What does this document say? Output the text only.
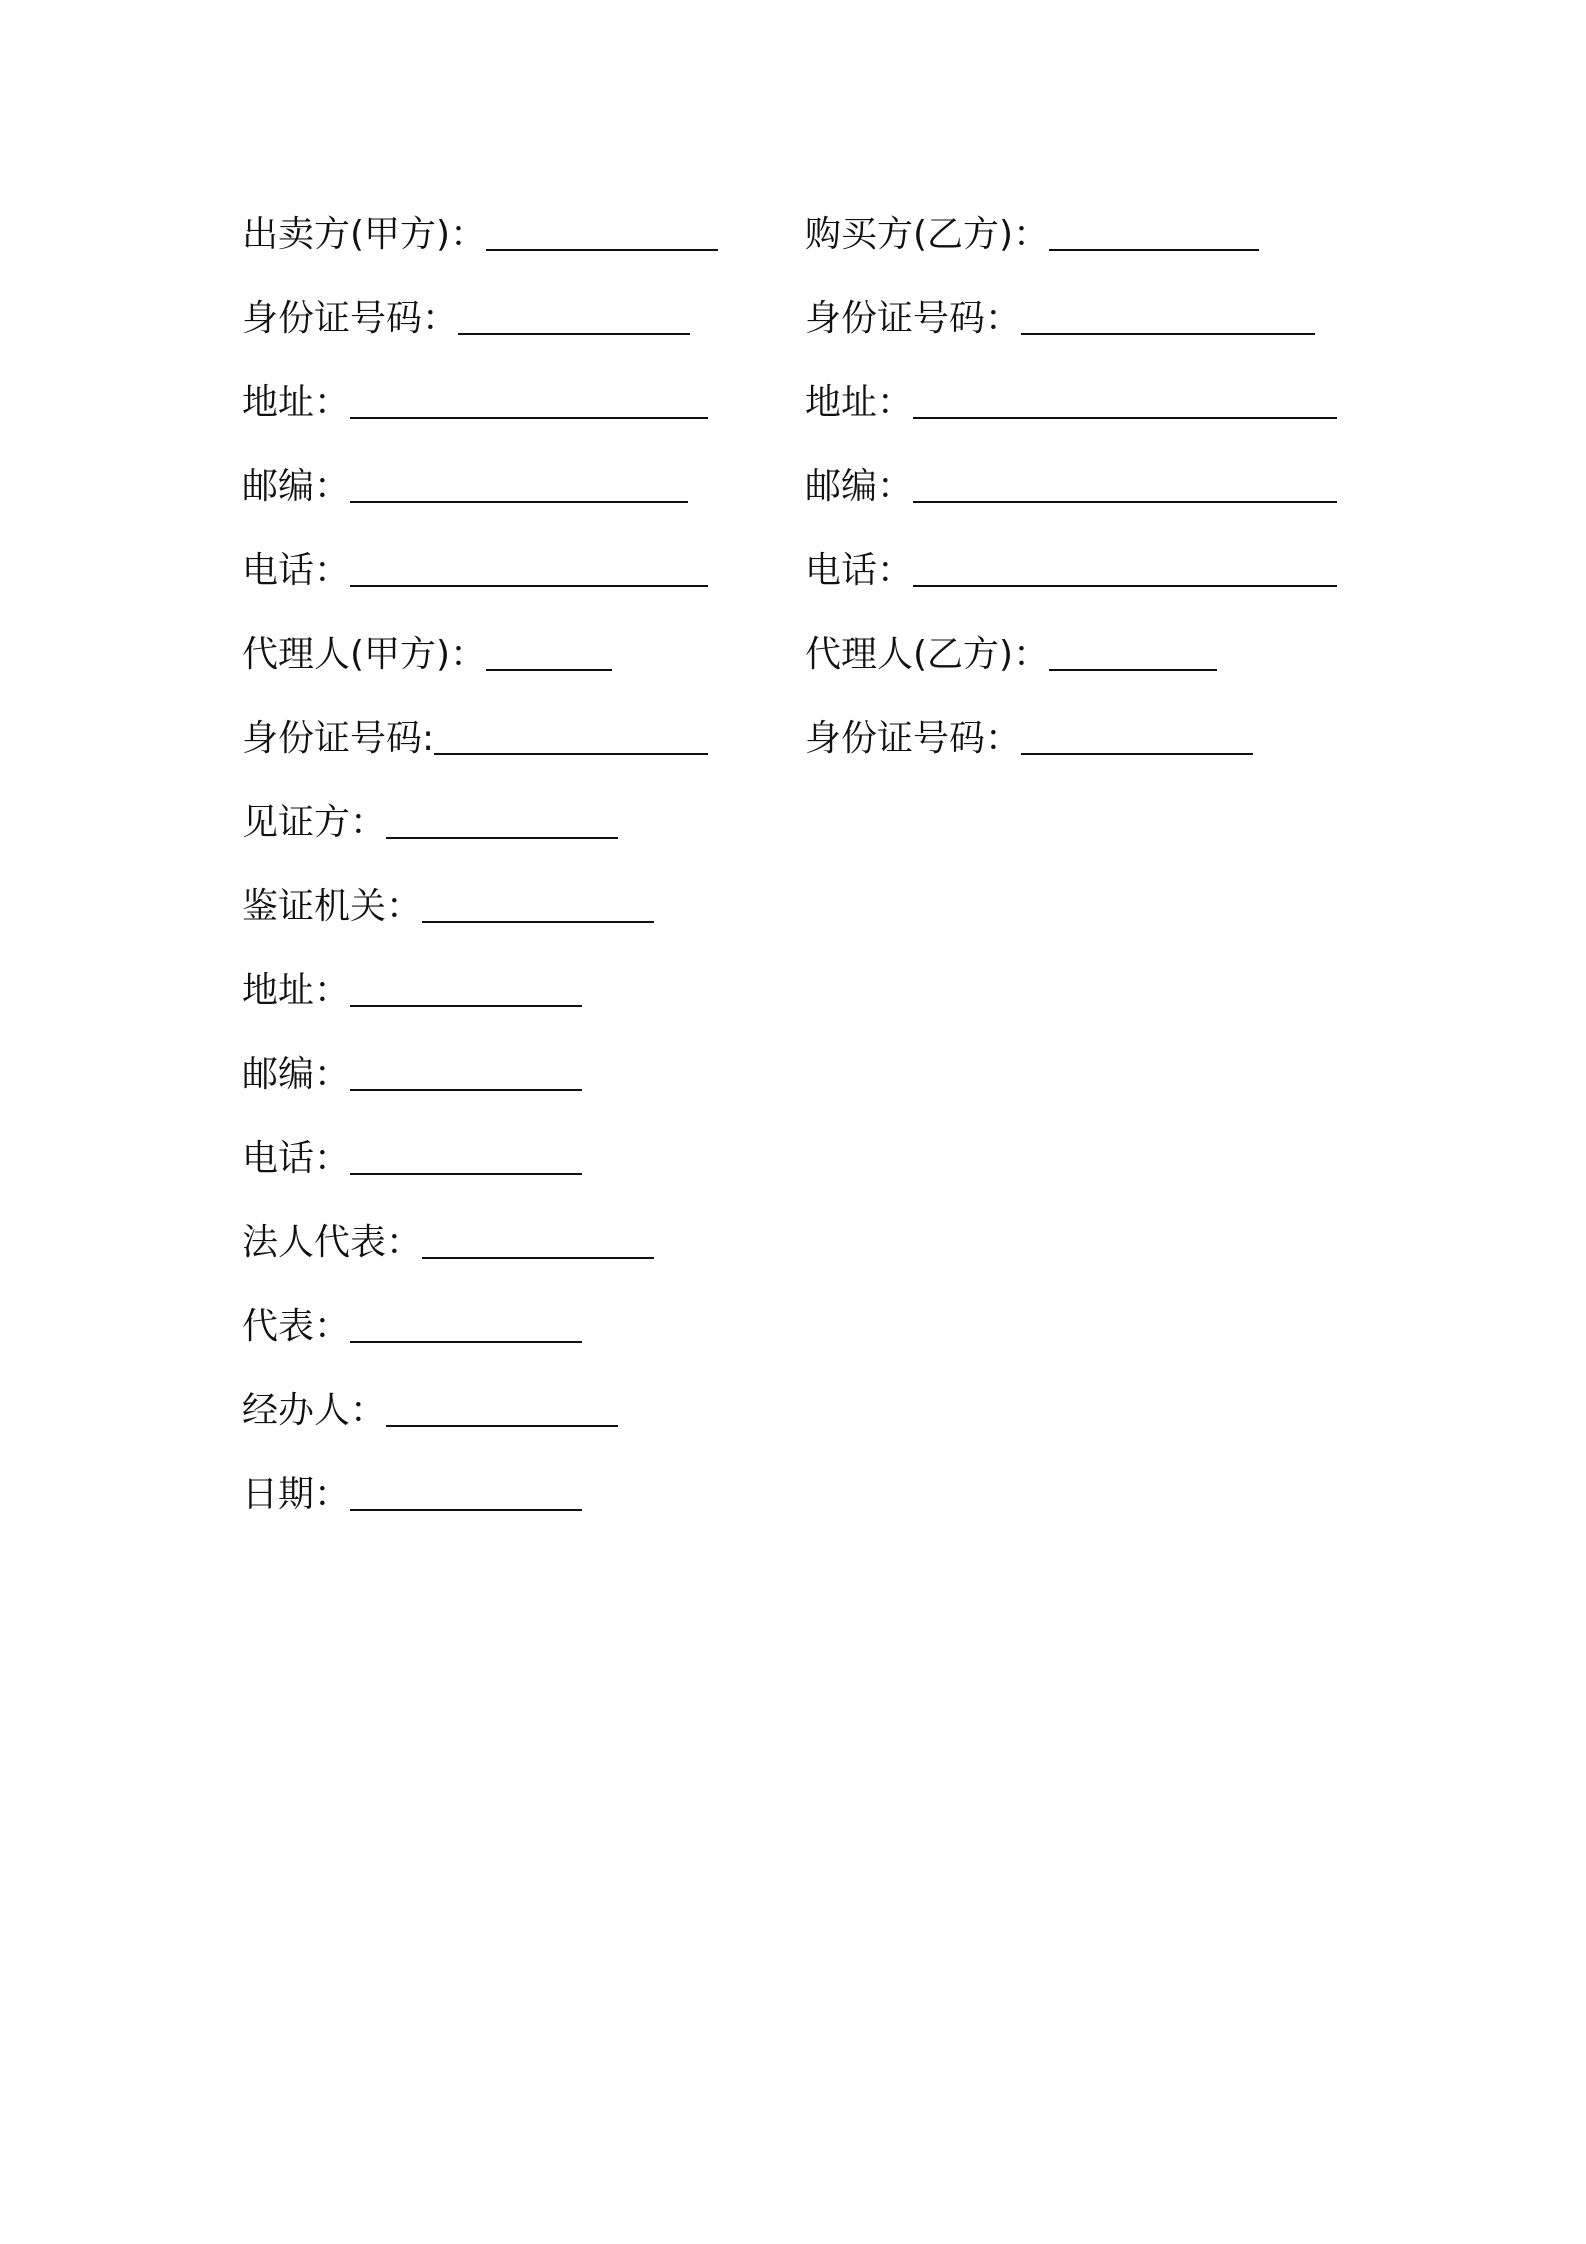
出卖方(甲方)：	购买方(乙方)：
身份证号码：	身份证号码：
地址：	地址：
邮编：	邮编：
电话：	电话：
代理人(甲方)：	代理人(乙方)：
身份证号码:	身份证号码：
见证方：
鉴证机关：
地址：
邮编：
电话：
法人代表：
代表：
经办人：
日期：
